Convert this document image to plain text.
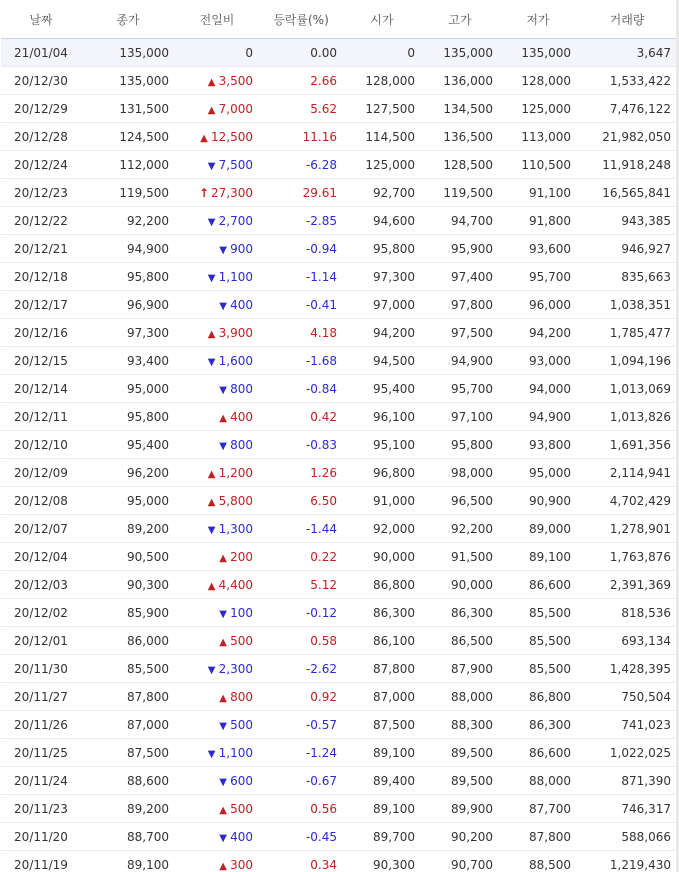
날짜	종가	전일비	등락률(%)	시가	고가	저가	거래량
21/01/04	135,000	0	0.00	0	135,000	135,000	3,647
20/12/30	135,000	▲ 3,500	2.66	128,000	136,000	128,000	1,533,422
20/12/29	131,500	▲ 7,000	5.62	127,500	134,500	125,000	7,476,122
20/12/28	124,500	▲ 12,500	11.16	114,500	136,500	113,000	21,982,050
20/12/24	112,000	▼ 7,500	-6.28	125,000	128,500	110,500	11,918,248
20/12/23	119,500	↑ 27,300	29.61	92,700	119,500	91,100	16,565,841
20/12/22	92,200	▼ 2,700	-2.85	94,600	94,700	91,800	943,385
20/12/21	94,900	▼ 900	-0.94	95,800	95,900	93,600	946,927
20/12/18	95,800	▼ 1,100	-1.14	97,300	97,400	95,700	835,663
20/12/17	96,900	▼ 400	-0.41	97,000	97,800	96,000	1,038,351
20/12/16	97,300	▲ 3,900	4.18	94,200	97,500	94,200	1,785,477
20/12/15	93,400	▼ 1,600	-1.68	94,500	94,900	93,000	1,094,196
20/12/14	95,000	▼ 800	-0.84	95,400	95,700	94,000	1,013,069
20/12/11	95,800	▲ 400	0.42	96,100	97,100	94,900	1,013,826
20/12/10	95,400	▼ 800	-0.83	95,100	95,800	93,800	1,691,356
20/12/09	96,200	▲ 1,200	1.26	96,800	98,000	95,000	2,114,941
20/12/08	95,000	▲ 5,800	6.50	91,000	96,500	90,900	4,702,429
20/12/07	89,200	▼ 1,300	-1.44	92,000	92,200	89,000	1,278,901
20/12/04	90,500	▲ 200	0.22	90,000	91,500	89,100	1,763,876
20/12/03	90,300	▲ 4,400	5.12	86,800	90,000	86,600	2,391,369
20/12/02	85,900	▼ 100	-0.12	86,300	86,300	85,500	818,536
20/12/01	86,000	▲ 500	0.58	86,100	86,500	85,500	693,134
20/11/30	85,500	▼ 2,300	-2.62	87,800	87,900	85,500	1,428,395
20/11/27	87,800	▲ 800	0.92	87,000	88,000	86,800	750,504
20/11/26	87,000	▼ 500	-0.57	87,500	88,300	86,300	741,023
20/11/25	87,500	▼ 1,100	-1.24	89,100	89,500	86,600	1,022,025
20/11/24	88,600	▼ 600	-0.67	89,400	89,500	88,000	871,390
20/11/23	89,200	▲ 500	0.56	89,100	89,900	87,700	746,317
20/11/20	88,700	▼ 400	-0.45	89,700	90,200	87,800	588,066
20/11/19	89,100	▲ 300	0.34	90,300	90,700	88,500	1,219,430
